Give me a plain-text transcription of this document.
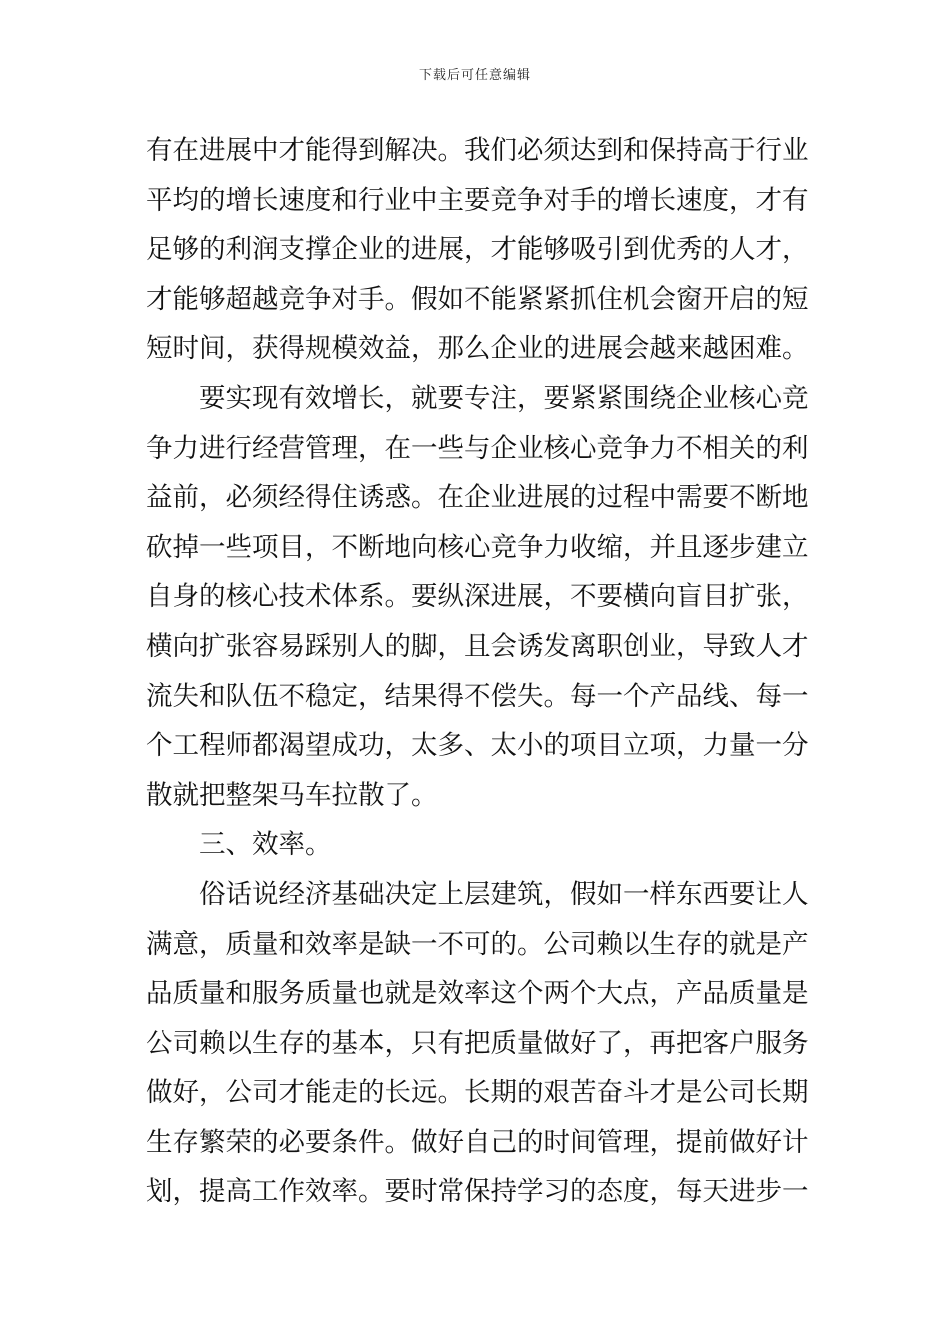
下载后可任意编辑
有在进展中才能得到解决。我们必须达到和保持高于行业
平均的增长速度和行业中主要竞争对手的增长速度，才有
足够的利润支撑企业的进展，才能够吸引到优秀的人才，
才能够超越竞争对手。假如不能紧紧抓住机会窗开启的短
短时间，获得规模效益，那么企业的进展会越来越困难。
要实现有效增长，就要专注，要紧紧围绕企业核心竞
争力进行经营管理，在一些与企业核心竞争力不相关的利
益前，必须经得住诱惑。在企业进展的过程中需要不断地
砍掉一些项目，不断地向核心竞争力收缩，并且逐步建立
自身的核心技术体系。要纵深进展，不要横向盲目扩张，
横向扩张容易踩别人的脚，且会诱发离职创业，导致人才
流失和队伍不稳定，结果得不偿失。每一个产品线、每一
个工程师都渴望成功，太多、太小的项目立项，力量一分
散就把整架马车拉散了。
三、效率。
俗话说经济基础决定上层建筑，假如一样东西要让人
满意，质量和效率是缺一不可的。公司赖以生存的就是产
品质量和服务质量也就是效率这个两个大点，产品质量是
公司赖以生存的基本，只有把质量做好了，再把客户服务
做好，公司才能走的长远。长期的艰苦奋斗才是公司长期
生存繁荣的必要条件。做好自己的时间管理，提前做好计
划，提高工作效率。要时常保持学习的态度，每天进步一
